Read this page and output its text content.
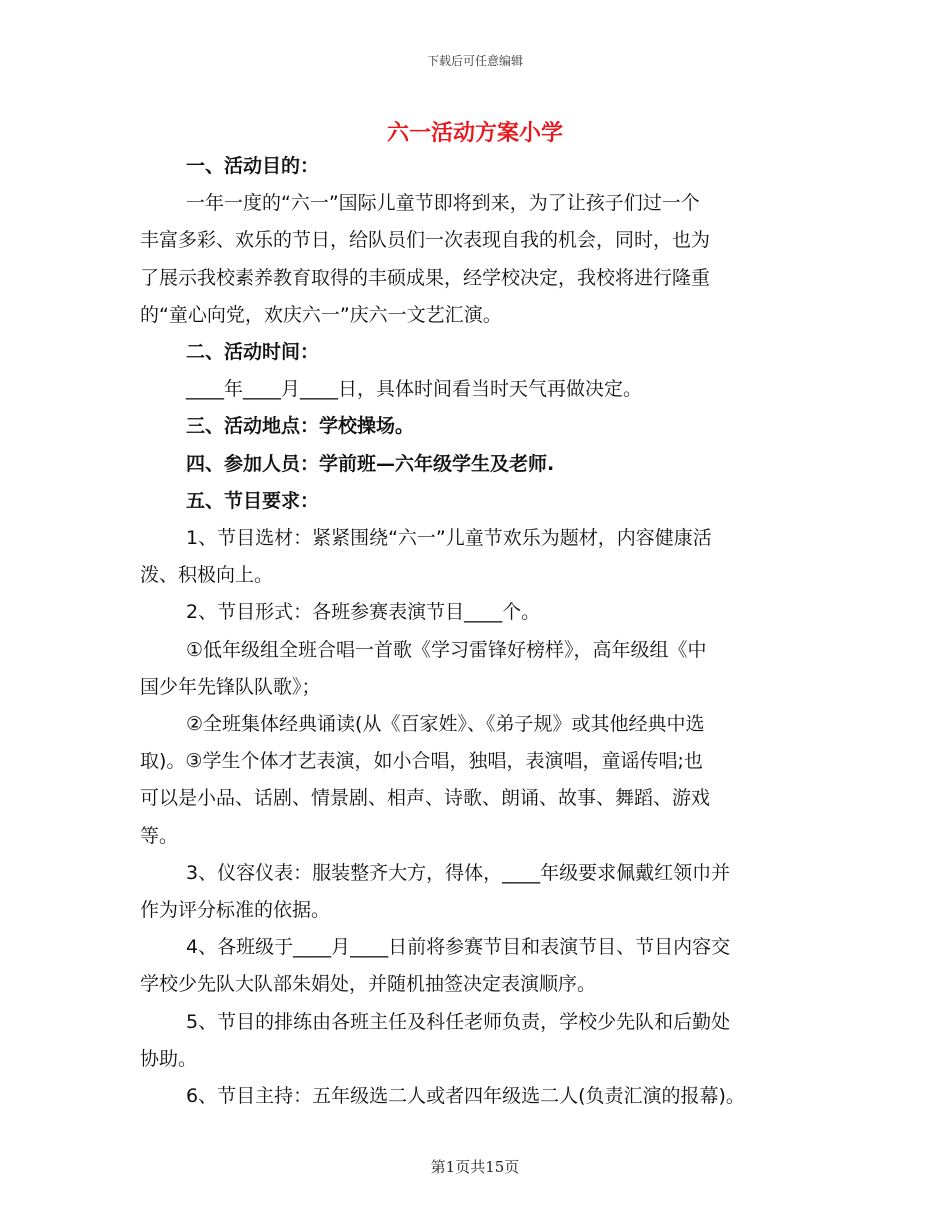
下载后可任意编辑
六一活动方案小学

一、活动目的：

一年一度的“六一”国际儿童节即将到来，为了让孩子们过一个

丰富多彩、欢乐的节日，给队员们一次表现自我的机会，同时，也为

了展示我校素养教育取得的丰硕成果，经学校决定，我校将进行隆重

的“童心向党，欢庆六一”庆六一文艺汇演。

二、活动时间：

____年____月____日，具体时间看当时天气再做决定。

三、活动地点：学校操场。

四、参加人员：学前班—六年级学生及老师.

五、节目要求：

1、节目选材：紧紧围绕“六一”儿童节欢乐为题材，内容健康活

泼、积极向上。

2、节目形式：各班参赛表演节目____个。

①低年级组全班合唱一首歌《学习雷锋好榜样》，高年级组《中

国少年先锋队队歌》；

②全班集体经典诵读(从《百家姓》、《弟子规》或其他经典中选

取)。③学生个体才艺表演，如小合唱，独唱，表演唱，童谣传唱;也

可以是小品、话剧、情景剧、相声、诗歌、朗诵、故事、舞蹈、游戏

等。

3、仪容仪表：服装整齐大方，得体，____年级要求佩戴红领巾并

作为评分标准的依据。

4、各班级于____月____日前将参赛节目和表演节目、节目内容交

学校少先队大队部朱娟处，并随机抽签决定表演顺序。

5、节目的排练由各班主任及科任老师负责，学校少先队和后勤处

协助。

6、节目主持：五年级选二人或者四年级选二人(负责汇演的报幕)。

第1页共15页
